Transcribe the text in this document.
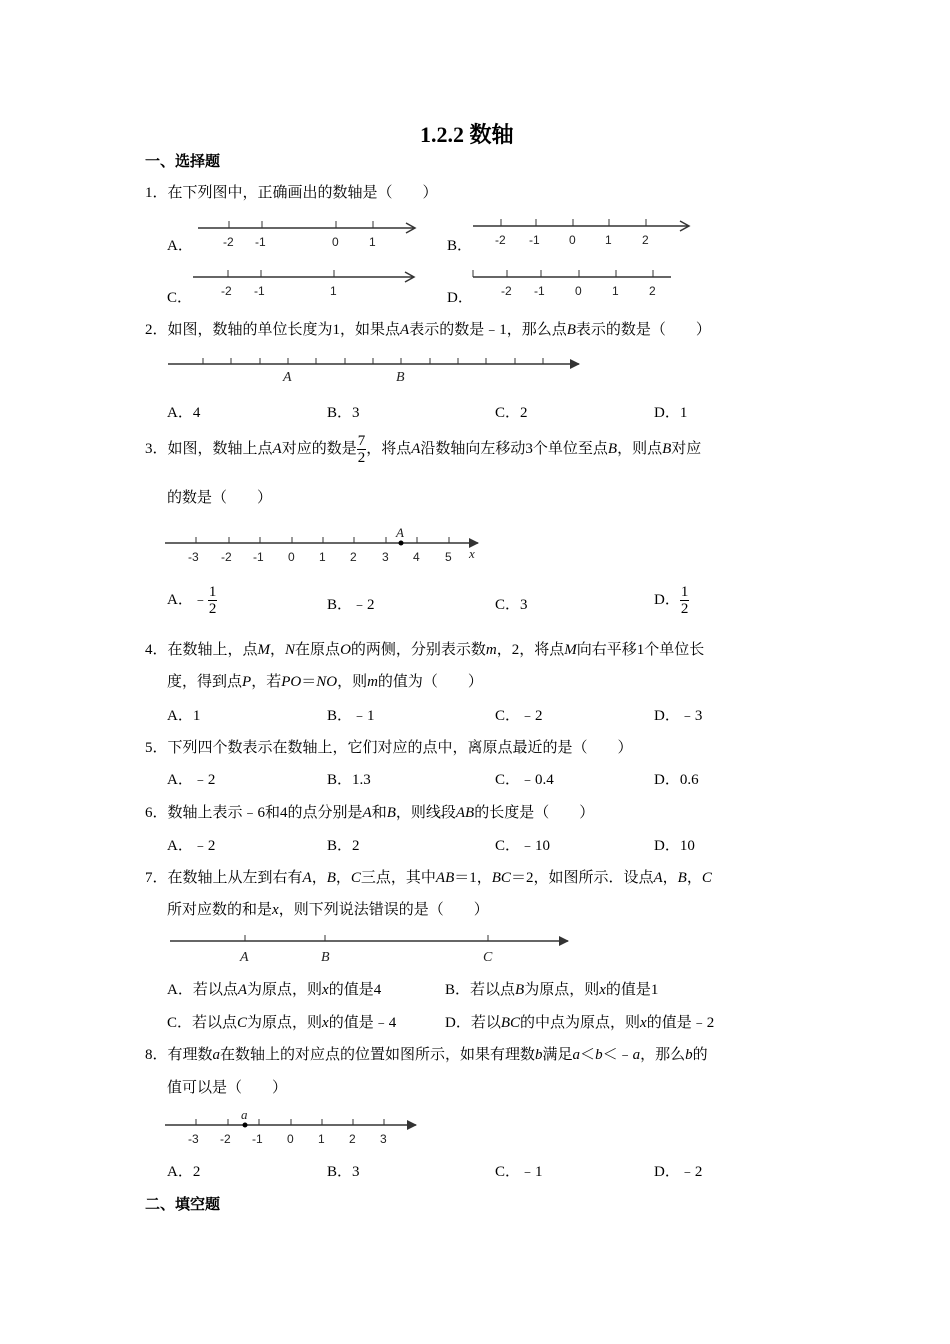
1.2.2 数轴
一、选择题
1．在下列图中，正确画出的数轴是（　　）
A．	B．
C．	D．
-2 -1	0	1	-2 -1 0 1	2
-2 -1	1	-2 -1	0	1	2
A	B
A
-3 -2 -1 0 1 2 3 4 5 x
A	B	C
a
-3 -2 -1 0 1 2 3
2．如图，数轴的单位长度为1，如果点A表示的数是﹣1，那么点B表示的数是（　　）
A．4	B．3	C．2	D．1
3．如图，数轴上点A对应的数是 $\frac{7}{2}$ ，将点A沿数轴向左移动3个单位至点B，则点B对应
的数是（　　）
A．﹣ $\frac{1}{2}$	B．﹣2	C．3	D． $\frac{1}{2}$
4．在数轴上，点M，N在原点O的两侧，分别表示数m，2，将点M向右平移1个单位长
度，得到点P，若PO＝NO，则m的值为（　　）
A．1	B．﹣1	C．﹣2	D．﹣3
5．下列四个数表示在数轴上，它们对应的点中，离原点最近的是（　　）
A．﹣2	B．1.3	C．﹣0.4	D．0.6
6．数轴上表示﹣6和4的点分别是A和B，则线段AB的长度是（　　）
A．﹣2	B．2	C．﹣10	D．10
7．在数轴上从左到右有A，B，C三点，其中AB＝1，BC＝2，如图所示．设点A，B，C
所对应数的和是x，则下列说法错误的是（　　）
A．若以点A为原点，则x的值是4	B．若以点B为原点，则x的值是1
C．若以点C为原点，则x的值是﹣4	D．若以BC的中点为原点，则x的值是﹣2
8．有理数a在数轴上的对应点的位置如图所示，如果有理数b满足a＜b＜﹣a，那么b的
值可以是（　　）
A．2	B．3	C．﹣1	D．﹣2
二、填空题
